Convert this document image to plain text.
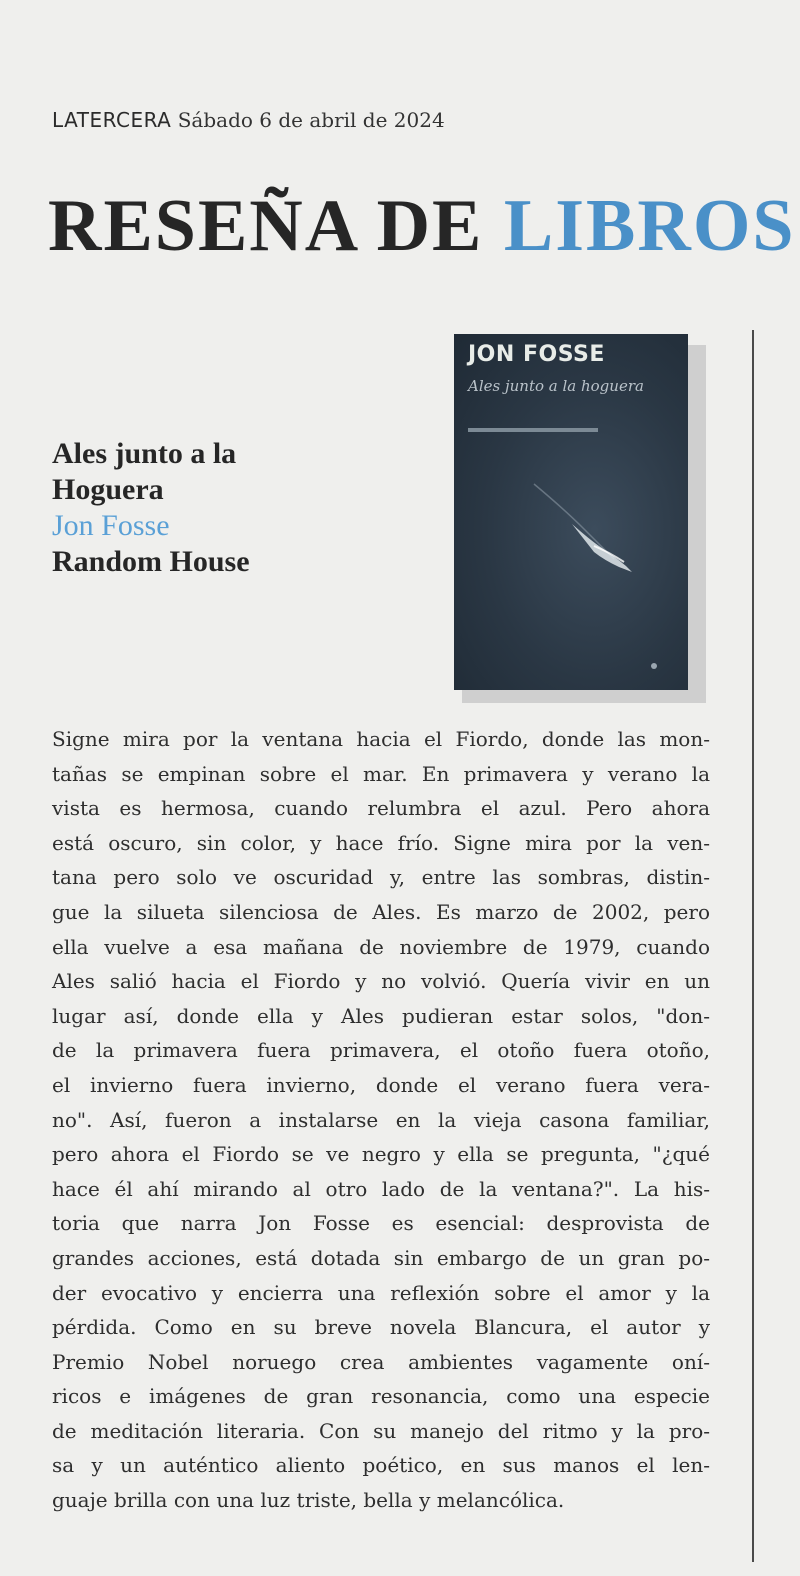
LATERCERA Sábado 6 de abril de 2024
RESEÑA DE LIBROS
Ales junto a la Hoguera
Jon Fosse
Random House
JON FOSSE
Ales junto a la hoguera
Signe mira por la ventana hacia el Fiordo, donde las mon-
tañas se empinan sobre el mar. En primavera y verano la
vista es hermosa, cuando relumbra el azul. Pero ahora
está oscuro, sin color, y hace frío. Signe mira por la ven-
tana pero solo ve oscuridad y, entre las sombras, distin-
gue la silueta silenciosa de Ales. Es marzo de 2002, pero
ella vuelve a esa mañana de noviembre de 1979, cuando
Ales salió hacia el Fiordo y no volvió. Quería vivir en un
lugar así, donde ella y Ales pudieran estar solos, "don-
de la primavera fuera primavera, el otoño fuera otoño,
el invierno fuera invierno, donde el verano fuera vera-
no". Así, fueron a instalarse en la vieja casona familiar,
pero ahora el Fiordo se ve negro y ella se pregunta, "¿qué
hace él ahí mirando al otro lado de la ventana?". La his-
toria que narra Jon Fosse es esencial: desprovista de
grandes acciones, está dotada sin embargo de un gran po-
der evocativo y encierra una reflexión sobre el amor y la
pérdida. Como en su breve novela Blancura, el autor y
Premio Nobel noruego crea ambientes vagamente oní-
ricos e imágenes de gran resonancia, como una especie
de meditación literaria. Con su manejo del ritmo y la pro-
sa y un auténtico aliento poético, en sus manos el len-
guaje brilla con una luz triste, bella y melancólica.
